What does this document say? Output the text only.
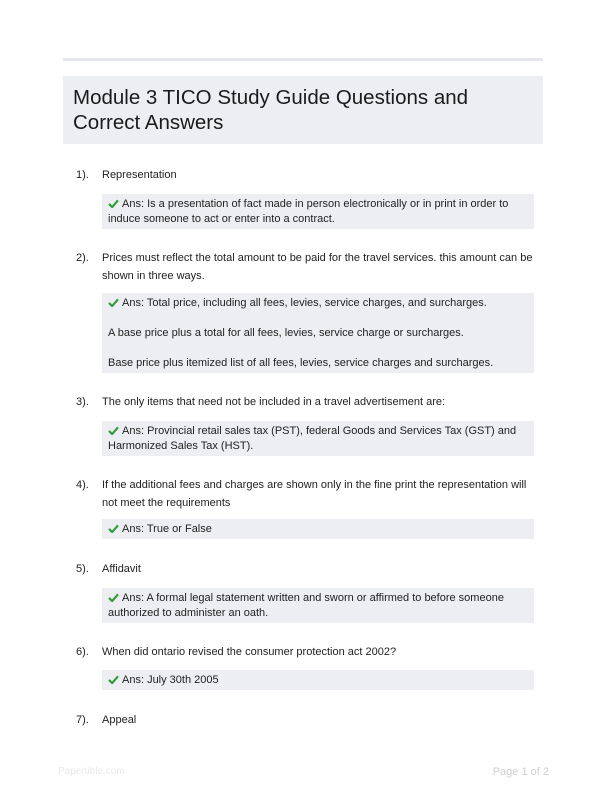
Module 3 TICO Study Guide Questions and Correct Answers
1). Representation

Ans: Is a presentation of fact made in person electronically or in print in order to induce someone to act or enter into a contract.

2). Prices must reflect the total amount to be paid for the travel services. this amount can be shown in three ways.

Ans: Total price, including all fees, levies, service charges, and surcharges.

A base price plus a total for all fees, levies, service charge or surcharges.

Base price plus itemized list of all fees, levies, service charges and surcharges.

3). The only items that need not be included in a travel advertisement are:

Ans: Provincial retail sales tax (PST), federal Goods and Services Tax (GST) and Harmonized Sales Tax (HST).

4). If the additional fees and charges are shown only in the fine print the representation will not meet the requirements

Ans: True or False

5). Affidavit

Ans: A formal legal statement written and sworn or affirmed to before someone authorized to administer an oath.

6). When did ontario revised the consumer protection act 2002?

Ans: July 30th 2005

7). Appeal
Papertible.com	Page 1 of 2
